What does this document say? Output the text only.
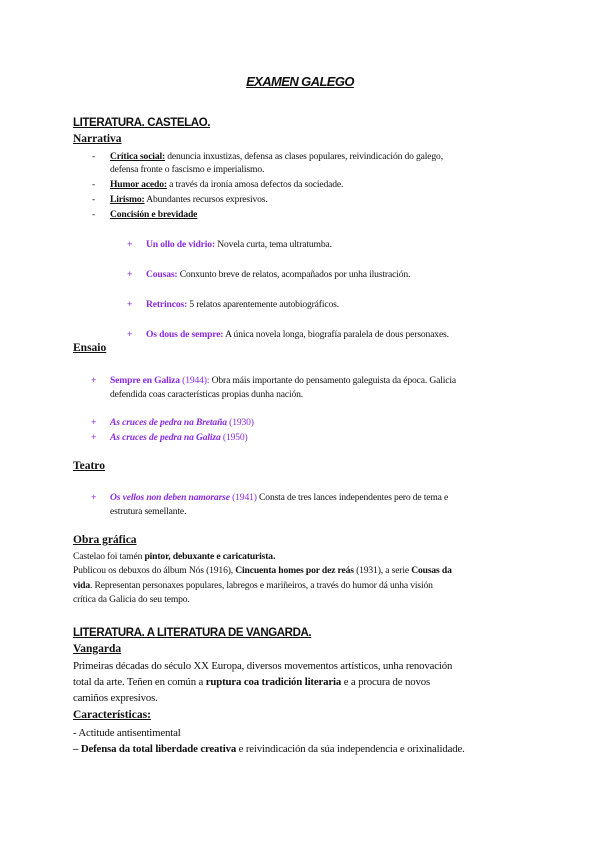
EXAMEN GALEGO
LITERATURA. CASTELAO.
Narrativa
- Crítica social: denuncia inxustizas, defensa as clases populares, reivindicación do galego,
defensa fronte o fascismo e imperialismo.
- Humor acedo: a través da ironía amosa defectos da sociedade.
- Lirismo: Abundantes recursos expresivos.
- Concisión e brevidade
+ Un ollo de vidrio: Novela curta, tema ultratumba.
+ Cousas: Conxunto breve de relatos, acompañados por unha ilustración.
+ Retrincos: 5 relatos aparentemente autobiográficos.
+ Os dous de sempre: A única novela longa, biografía paralela de dous personaxes.
Ensaio
+ Sempre en Galiza (1944): Obra máis importante do pensamento galeguista da época. Galicia
defendida coas características propias dunha nación.
+ As cruces de pedra na Bretaña (1930)
+ As cruces de pedra na Galiza (1950)
Teatro
+ Os vellos non deben namorarse (1941) Consta de tres lances independentes pero de tema e
estrutura semellante.
Obra gráfica
Castelao foi tamén pintor, debuxante e caricaturista.
Publicou os debuxos do álbum Nós (1916), Cincuenta homes por dez reás (1931), a serie Cousas da
vida. Representan personaxes populares, labregos e mariñeiros, a través do humor dá unha visión
crítica da Galicia do seu tempo.
LITERATURA. A LITERATURA DE VANGARDA.
Vangarda
Primeiras décadas do século XX Europa, diversos movementos artísticos, unha renovación
total da arte. Teñen en común a ruptura coa tradición literaria e a procura de novos
camiños expresivos.
Características:
- Actitude antisentimental
– Defensa da total liberdade creativa e reivindicación da súa independencia e orixinalidade.
